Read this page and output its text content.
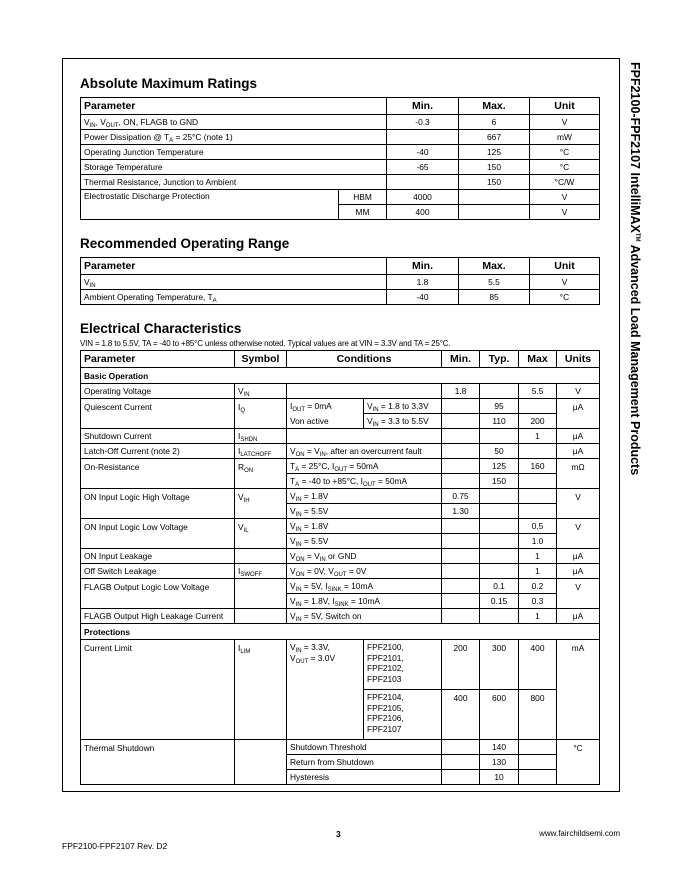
FPF2100-FPF2107 IntelliMAX™ Advanced Load Management Products
Absolute Maximum Ratings
Parameter		Min.	Max.	Unit
$V_{IN}$, $V_{OUT}$, ON, FLAGB to GND		-0.3	6	V
Power Dissipation @ $T_A = 25^\circ C$ (note 1)			667	mW
Operating Junction Temperature		-40	125	°C
Storage Temperature		-65	150	°C
Thermal Resistance, Junction to Ambient			150	°C/W
Electrostatic Discharge Protection	HBM	4000		V
	MM	400		V
Recommended Operating Range
Parameter	Min.	Max.	Unit
$V_{IN}$	1.8	5.5	V
Ambient Operating Temperature, $T_A$	-40	85	°C
Electrical Characteristics
VIN = 1.8 to 5.5V, TA = -40 to +85°C unless otherwise noted. Typical values are at VIN = 3.3V and TA = 25°C.
Parameter	Symbol	Conditions		Min.	Typ.	Max	Units
Basic Operation							
Operating Voltage	$V_{IN}$			1.8		5.5	V
Quiescent Current	$I_Q$	$I_{OUT} = 0mA$	$V_{IN} = 1.8$ to 3.3V		95		μA
		Von active	$V_{IN} = 3.3$ to 5.5V		110	200	
Shutdown Current	$I_{SHDN}$					1	μA
Latch-Off Current (note 2)	$I_{LATCHOFF}$	$V_{ON} = V_{IN}$, after an overcurrent fault			50		μA
On-Resistance	$R_{ON}$	$T_A = 25^\circ C$, $I_{OUT} = 50mA$			125	160	mΩ
		$T_A = -40$ to +85°C, $I_{OUT} = 50mA$			150		
ON Input Logic High Voltage	$V_{IH}$	$V_{IN} = 1.8V$		0.75			V
		$V_{IN} = 5.5V$		1.30			
ON Input Logic Low Voltage	$V_{IL}$	$V_{IN} = 1.8V$				0.5	V
		$V_{IN} = 5.5V$				1.0	
ON Input Leakage		$V_{ON} = V_{IN}$ or GND				1	μA
Off Switch Leakage	$I_{SWOFF}$	$V_{ON} = 0V$, $V_{OUT} = 0V$				1	μA
FLAGB Output Logic Low Voltage		$V_{IN} = 5V$, $I_{SINK} = 10mA$			0.1	0.2	V
		$V_{IN} = 1.8V$, $I_{SINK} = 10mA$			0.15	0.3	
FLAGB Output High Leakage Current		$V_{IN} = 5V$, Switch on				1	μA
Protections							
Current Limit	$I_{LIM}$	$V_{IN} = 3.3V$,
$V_{OUT} = 3.0V$	FPF2100, FPF2101, FPF2102, FPF2103	200	300	400	mA
			FPF2104, FPF2105, FPF2106, FPF2107	400	600	800	
Thermal Shutdown		Shutdown Threshold			140		°C
		Return from Shutdown			130		
		Hysteresis			10		
3	www.fairchildsemi.com
FPF2100-FPF2107 Rev. D2
